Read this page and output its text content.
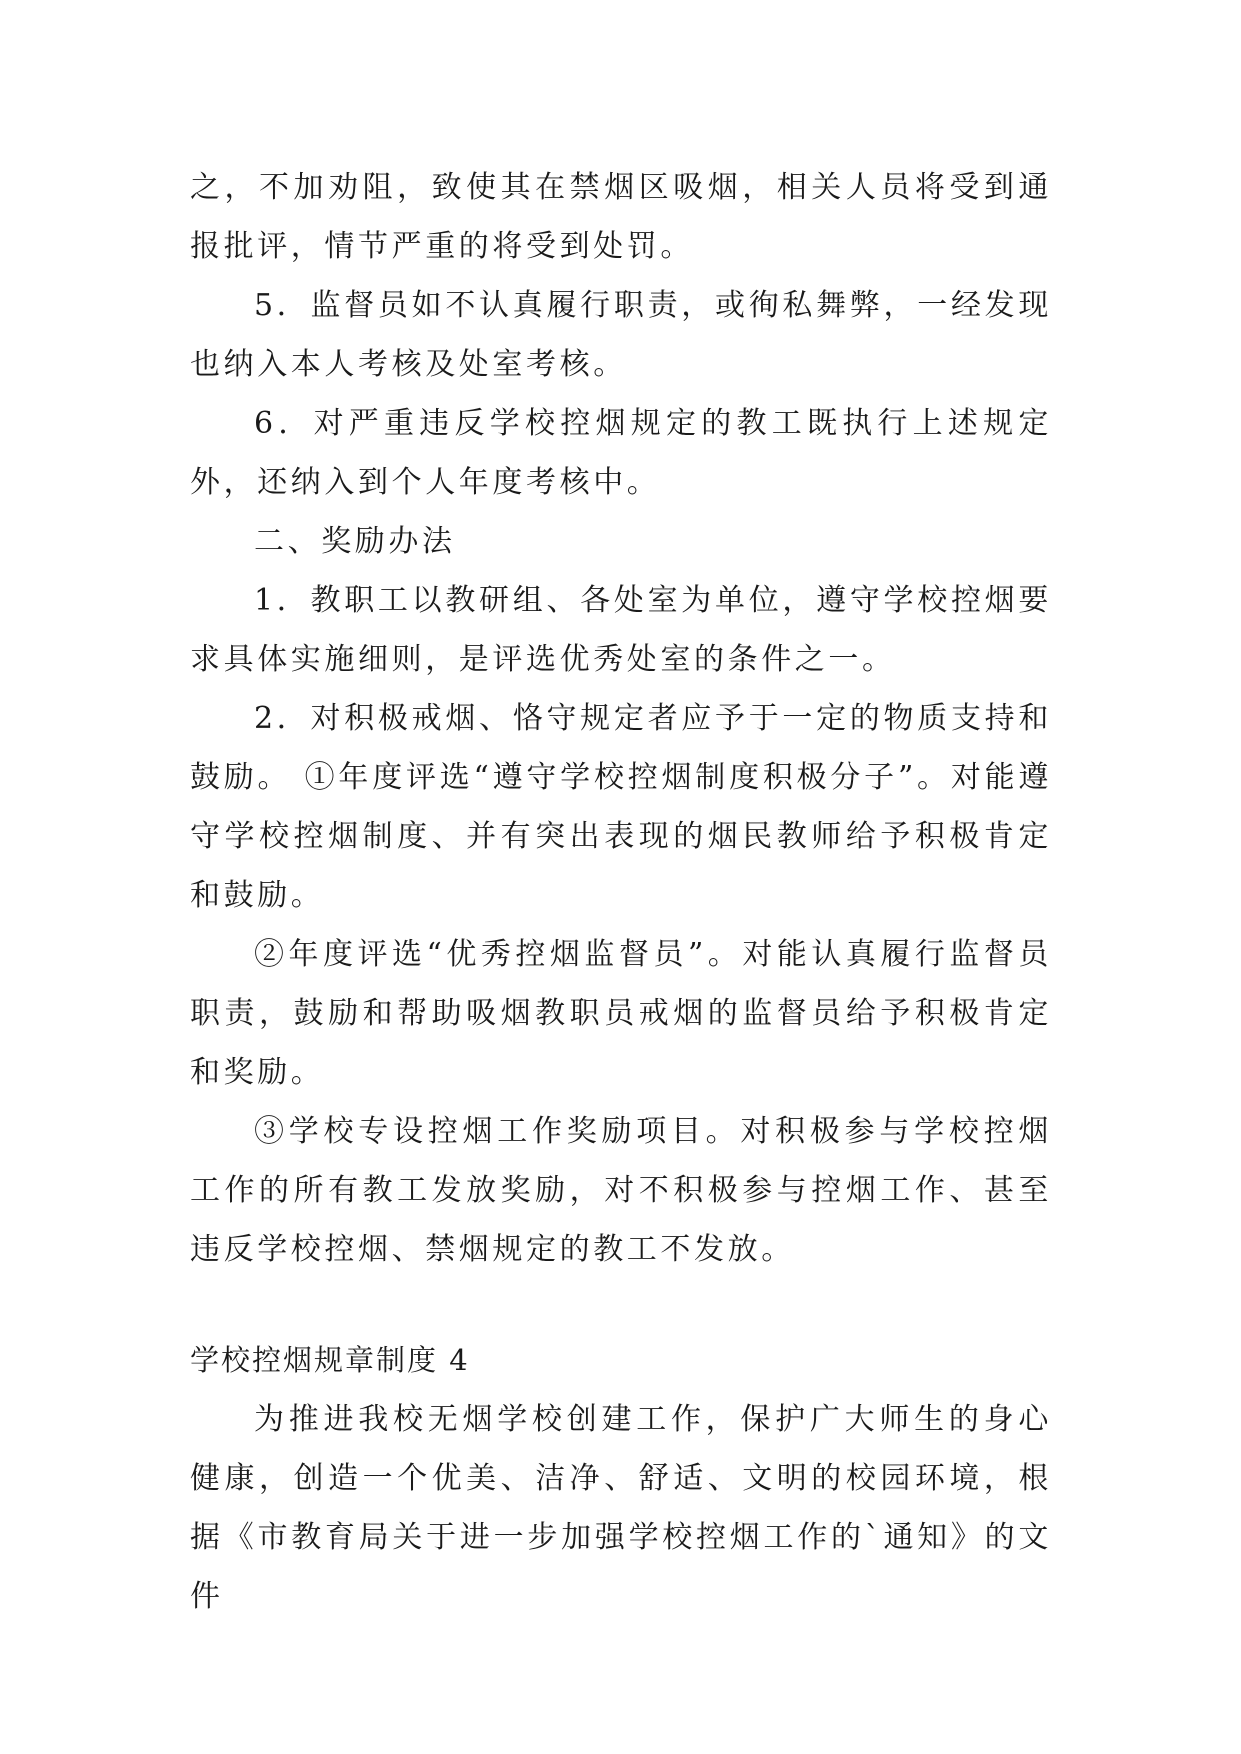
之，不加劝阻，致使其在禁烟区吸烟，相关人员将受到通报批评，情节严重的将受到处罚。

5．监督员如不认真履行职责，或徇私舞弊，一经发现也纳入本人考核及处室考核。

6．对严重违反学校控烟规定的教工既执行上述规定外，还纳入到个人年度考核中。

二、奖励办法

1．教职工以教研组、各处室为单位，遵守学校控烟要求具体实施细则，是评选优秀处室的条件之一。

2．对积极戒烟、恪守规定者应予于一定的物质支持和鼓励。 ①年度评选“遵守学校控烟制度积极分子”。对能遵守学校控烟制度、并有突出表现的烟民教师给予积极肯定和鼓励。

②年度评选“优秀控烟监督员”。对能认真履行监督员职责，鼓励和帮助吸烟教职员戒烟的监督员给予积极肯定和奖励。

③学校专设控烟工作奖励项目。对积极参与学校控烟工作的所有教工发放奖励，对不积极参与控烟工作、甚至违反学校控烟、禁烟规定的教工不发放。

学校控烟规章制度 4

为推进我校无烟学校创建工作，保护广大师生的身心健康，创造一个优美、洁净、舒适、文明的校园环境，根据《市教育局关于进一步加强学校控烟工作的`通知》的文件
